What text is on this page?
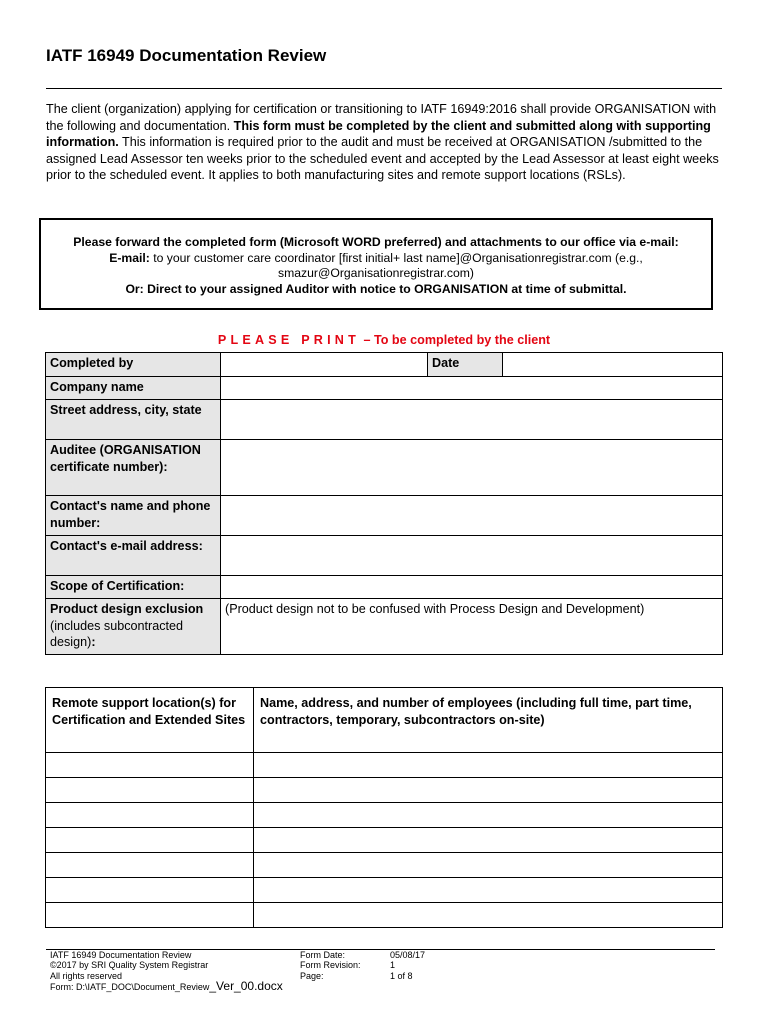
IATF 16949 Documentation Review
The client (organization) applying for certification or transitioning to IATF 16949:2016 shall provide ORGANISATION with the following and documentation. This form must be completed by the client and submitted along with supporting information. This information is required prior to the audit and must be received at ORGANISATION /submitted to the assigned Lead Assessor ten weeks prior to the scheduled event and accepted by the Lead Assessor at least eight weeks prior to the scheduled event. It applies to both manufacturing sites and remote support locations (RSLs).
Please forward the completed form (Microsoft WORD preferred) and attachments to our office via e-mail:
E-mail: to your customer care coordinator [first initial+ last name]@Organisationregistrar.com (e.g.,
smazur@Organisationregistrar.com)
Or: Direct to your assigned Auditor with notice to ORGANISATION at time of submittal.
PLEASE PRINT – To be completed by the client
Completed by		Date	
Company name			
Street address, city, state			
Auditee (ORGANISATION certificate number):			
Contact's name and phone number:			
Contact's e-mail address:			
Scope of Certification:			
Product design exclusion (includes subcontracted design):	(Product design not to be confused with Process Design and Development)		
Remote support location(s) for Certification and Extended Sites	Name, address, and number of employees (including full time, part time, contractors, temporary, subcontractors on-site)

IATF 16949 Documentation Review
©2017 by SRI Quality System Registrar
All rights reserved
Form Date:
Form Revision:
Page:
05/08/17
1
1 of 8
Form: D:\IATF_DOC\Document_Review_Ver_00.docx
